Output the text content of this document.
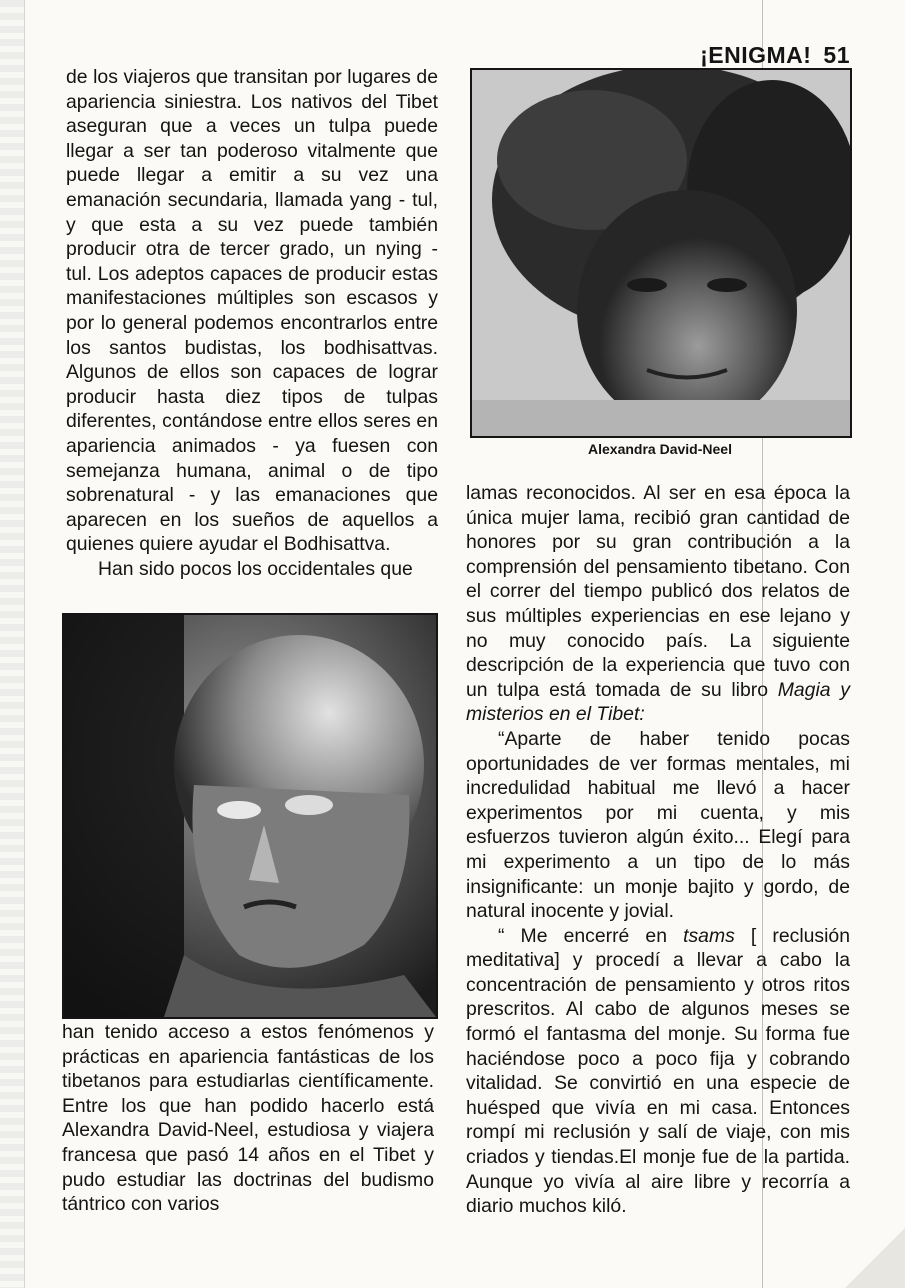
¡ENIGMA! 51

de los viajeros que transitan por lugares de apariencia siniestra. Los nativos del Tibet aseguran que a veces un tulpa puede llegar a ser tan poderoso vitalmente que puede llegar a emitir a su vez una emanación secundaria, llamada yang - tul, y que esta a su vez puede también producir otra de tercer grado, un nying - tul. Los adeptos capaces de producir estas manifestaciones múltiples son escasos y por lo general podemos encontrarlos entre los santos budistas, los bodhisattvas. Algunos de ellos son capaces de lograr producir hasta diez tipos de tulpas diferentes, contándose entre ellos seres en apariencia animados - ya fuesen con semejanza humana, animal o de tipo sobrenatural - y las emanaciones que aparecen en los sueños de aquellos a quienes quiere ayudar el Bodhisattva.

Han sido pocos los occidentales que

han tenido acceso a estos fenómenos y prácticas en apariencia fantásticas de los tibetanos para estudiarlas científicamente. Entre los que han podido hacerlo está Alexandra David-Neel, estudiosa y viajera francesa que pasó 14 años en el Tibet y pudo estudiar las doctrinas del budismo tántrico con varios

Alexandra David-Neel

lamas reconocidos. Al ser en esa época la única mujer lama, recibió gran cantidad de honores por su gran contribución a la comprensión del pensamiento tibetano. Con el correr del tiempo publicó dos relatos de sus múltiples experiencias en ese lejano y no muy conocido país. La siguiente descripción de la experiencia que tuvo con un tulpa está tomada de su libro Magia y misterios en el Tibet:

“Aparte de haber tenido pocas oportunidades de ver formas mentales, mi incredulidad habitual me llevó a hacer experimentos por mi cuenta, y mis esfuerzos tuvieron algún éxito... Elegí para mi experimento a un tipo de lo más insignificante: un monje bajito y gordo, de natural inocente y jovial.

“ Me encerré en tsams [ reclusión meditativa] y procedí a llevar a cabo la concentración de pensamiento y otros ritos prescritos. Al cabo de algunos meses se formó el fantasma del monje. Su forma fue haciéndose poco a poco fija y cobrando vitalidad. Se convirtió en una especie de huésped que vivía en mi casa. Entonces rompí mi reclusión y salí de viaje, con mis criados y tiendas.El monje fue de la partida. Aunque yo vivía al aire libre y recorría a diario muchos kiló.
